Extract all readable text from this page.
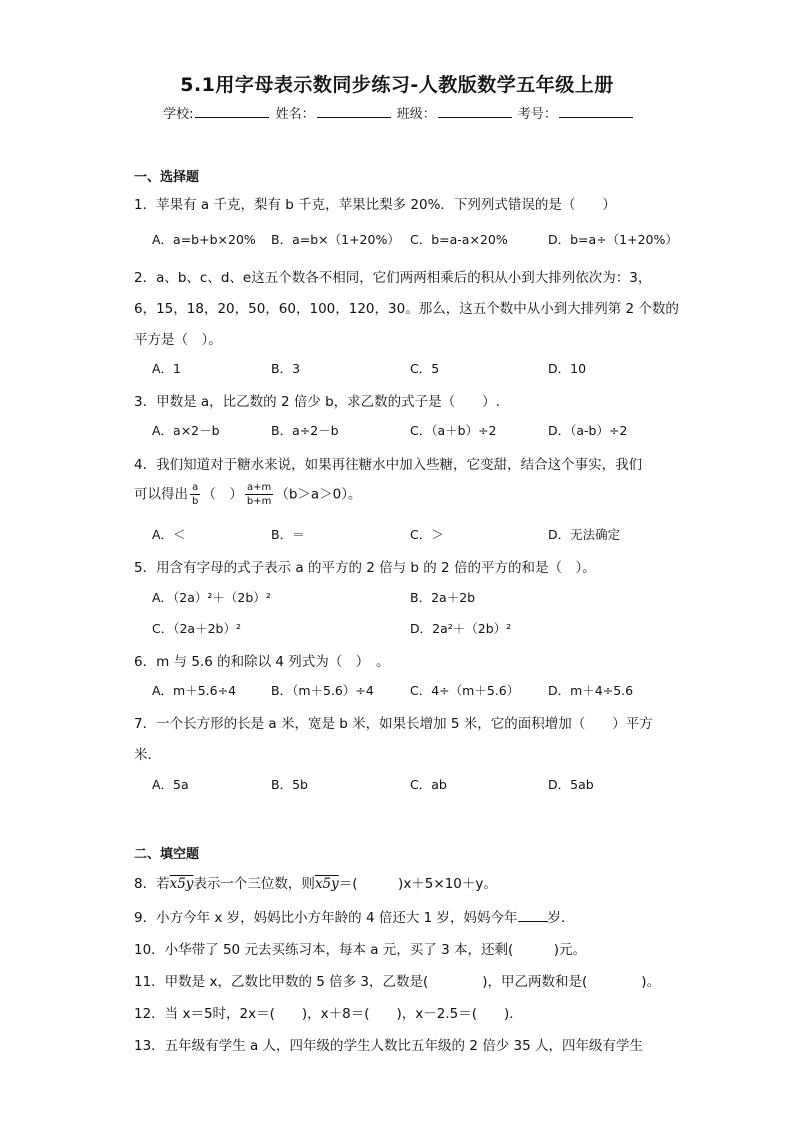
5.1用字母表示数同步练习-人教版数学五年级上册
学校:	姓名：	班级：	考号：
一、选择题
1．苹果有 a 千克，梨有 b 千克，苹果比梨多 20%．下列列式错误的是（　　）
A．a=b+b×20% B．a=b×（1+20%） C．b=a-a×20%	D．b=a÷（1+20%）
2．a、b、c、d、e这五个数各不相同，它们两两相乘后的积从小到大排列依次为：3，
6，15，18，20，50，60，100，120，30。那么，这五个数中从小到大排列第 2 个数的
平方是（　）。
A．1	B．3	C．5	D．10
3．甲数是 a，比乙数的 2 倍少 b，求乙数的式子是（　　）.
A．a×2－b	B．a÷2－b	C．（a＋b）÷2	D．（a-b）÷2
4．我们知道对于糖水来说，如果再往糖水中加入些糖，它变甜，结合这个事实，我们
可以得出 $\frac{a}{b}$ （　） $\frac{a+m}{b+m} (b>a>0)$。
A．＜	B．＝	C．＞	D．无法确定
5．用含有字母的式子表示 a 的平方的 2 倍与 b 的 2 倍的平方的和是（　）。
A．（2a）²＋（2b）²	B．2a＋2b
C．（2a＋2b）²	D．2a²＋（2b）²
6．m 与 5.6 的和除以 4 列式为（　）　。
A．m＋5.6÷4	B．（m＋5.6）÷4	C．4÷（m＋5.6） D．m＋4÷5.6
7．一个长方形的长是 a 米，宽是 b 米，如果长增加 5 米，它的面积增加（　　）平方
米．
A．5a	B．5b	C．ab	D．5ab
二、填空题
8．若x5y表示一个三位数，则x5y＝(　　　)x＋5×10＋y。
9．小方今年 x 岁，妈妈比小方年龄的 4 倍还大 1 岁，妈妈今年 岁．
10．小华带了 50 元去买练习本，每本 a 元，买了 3 本，还剩(　　　)元。
11．甲数是 x，乙数比甲数的 5 倍多 3，乙数是(　　　　)，甲乙两数和是(　　　　)。
12．当 x＝5时，2x＝(　　)，x＋8＝(　　)，x－2.5＝(　　)．
13．五年级有学生 a 人，四年级的学生人数比五年级的 2 倍少 35 人，四年级有学生
